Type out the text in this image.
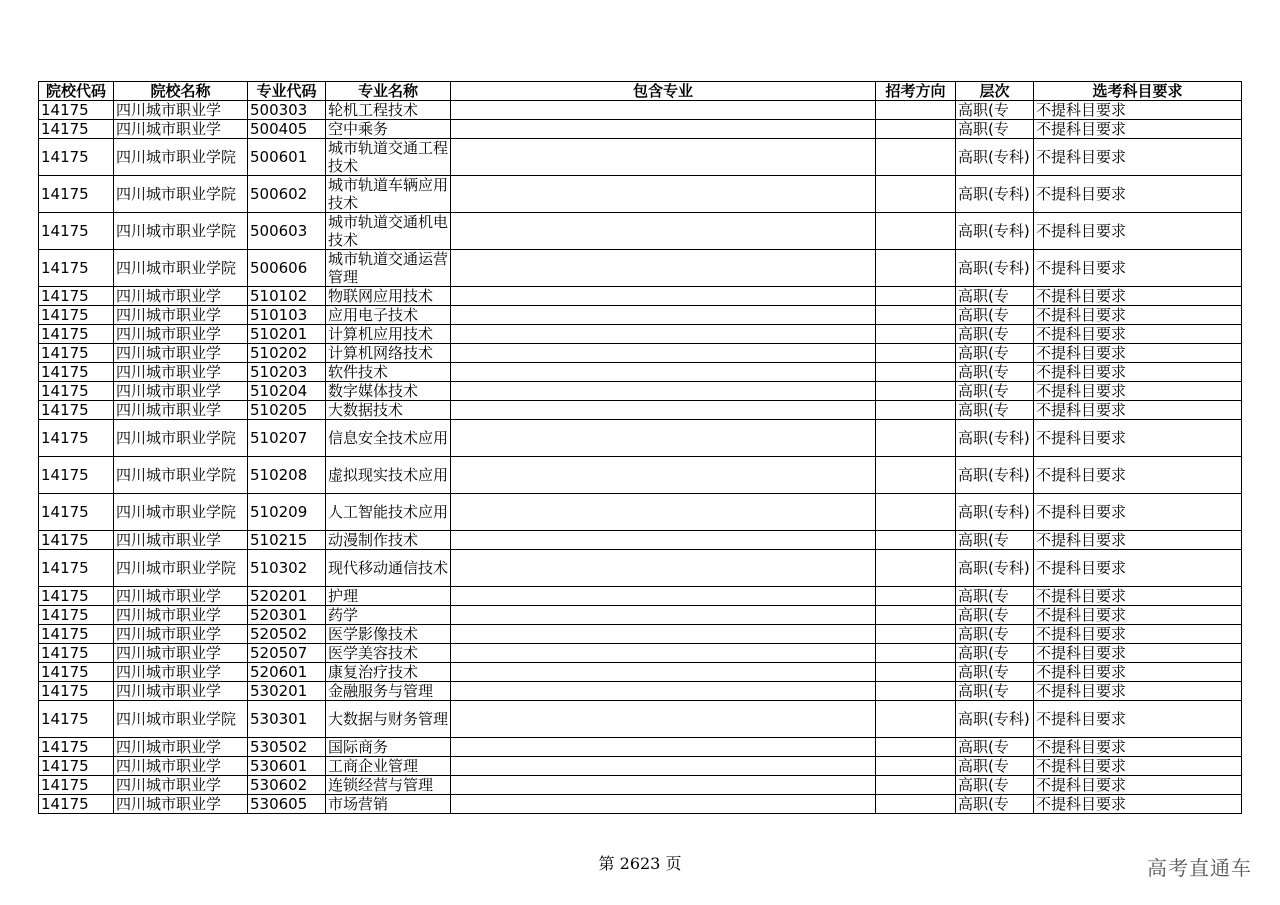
院校代码	院校名称	专业代码	专业名称	包含专业	招考方向	层次	选考科目要求
14175	四川城市职业学	500303	轮机工程技术			高职(专	不提科目要求
14175	四川城市职业学	500405	空中乘务			高职(专	不提科目要求
14175	四川城市职业学院	500601	城市轨道交通工程技术			高职(专科)	不提科目要求
14175	四川城市职业学院	500602	城市轨道车辆应用技术			高职(专科)	不提科目要求
14175	四川城市职业学院	500603	城市轨道交通机电技术			高职(专科)	不提科目要求
14175	四川城市职业学院	500606	城市轨道交通运营管理			高职(专科)	不提科目要求
14175	四川城市职业学	510102	物联网应用技术			高职(专	不提科目要求
14175	四川城市职业学	510103	应用电子技术			高职(专	不提科目要求
14175	四川城市职业学	510201	计算机应用技术			高职(专	不提科目要求
14175	四川城市职业学	510202	计算机网络技术			高职(专	不提科目要求
14175	四川城市职业学	510203	软件技术			高职(专	不提科目要求
14175	四川城市职业学	510204	数字媒体技术			高职(专	不提科目要求
14175	四川城市职业学	510205	大数据技术			高职(专	不提科目要求
14175	四川城市职业学院	510207	信息安全技术应用			高职(专科)	不提科目要求
14175	四川城市职业学院	510208	虚拟现实技术应用			高职(专科)	不提科目要求
14175	四川城市职业学院	510209	人工智能技术应用			高职(专科)	不提科目要求
14175	四川城市职业学	510215	动漫制作技术			高职(专	不提科目要求
14175	四川城市职业学院	510302	现代移动通信技术			高职(专科)	不提科目要求
14175	四川城市职业学	520201	护理			高职(专	不提科目要求
14175	四川城市职业学	520301	药学			高职(专	不提科目要求
14175	四川城市职业学	520502	医学影像技术			高职(专	不提科目要求
14175	四川城市职业学	520507	医学美容技术			高职(专	不提科目要求
14175	四川城市职业学	520601	康复治疗技术			高职(专	不提科目要求
14175	四川城市职业学	530201	金融服务与管理			高职(专	不提科目要求
14175	四川城市职业学院	530301	大数据与财务管理			高职(专科)	不提科目要求
14175	四川城市职业学	530502	国际商务			高职(专	不提科目要求
14175	四川城市职业学	530601	工商企业管理			高职(专	不提科目要求
14175	四川城市职业学	530602	连锁经营与管理			高职(专	不提科目要求
14175	四川城市职业学	530605	市场营销			高职(专	不提科目要求
第 2623 页	高考直通车
